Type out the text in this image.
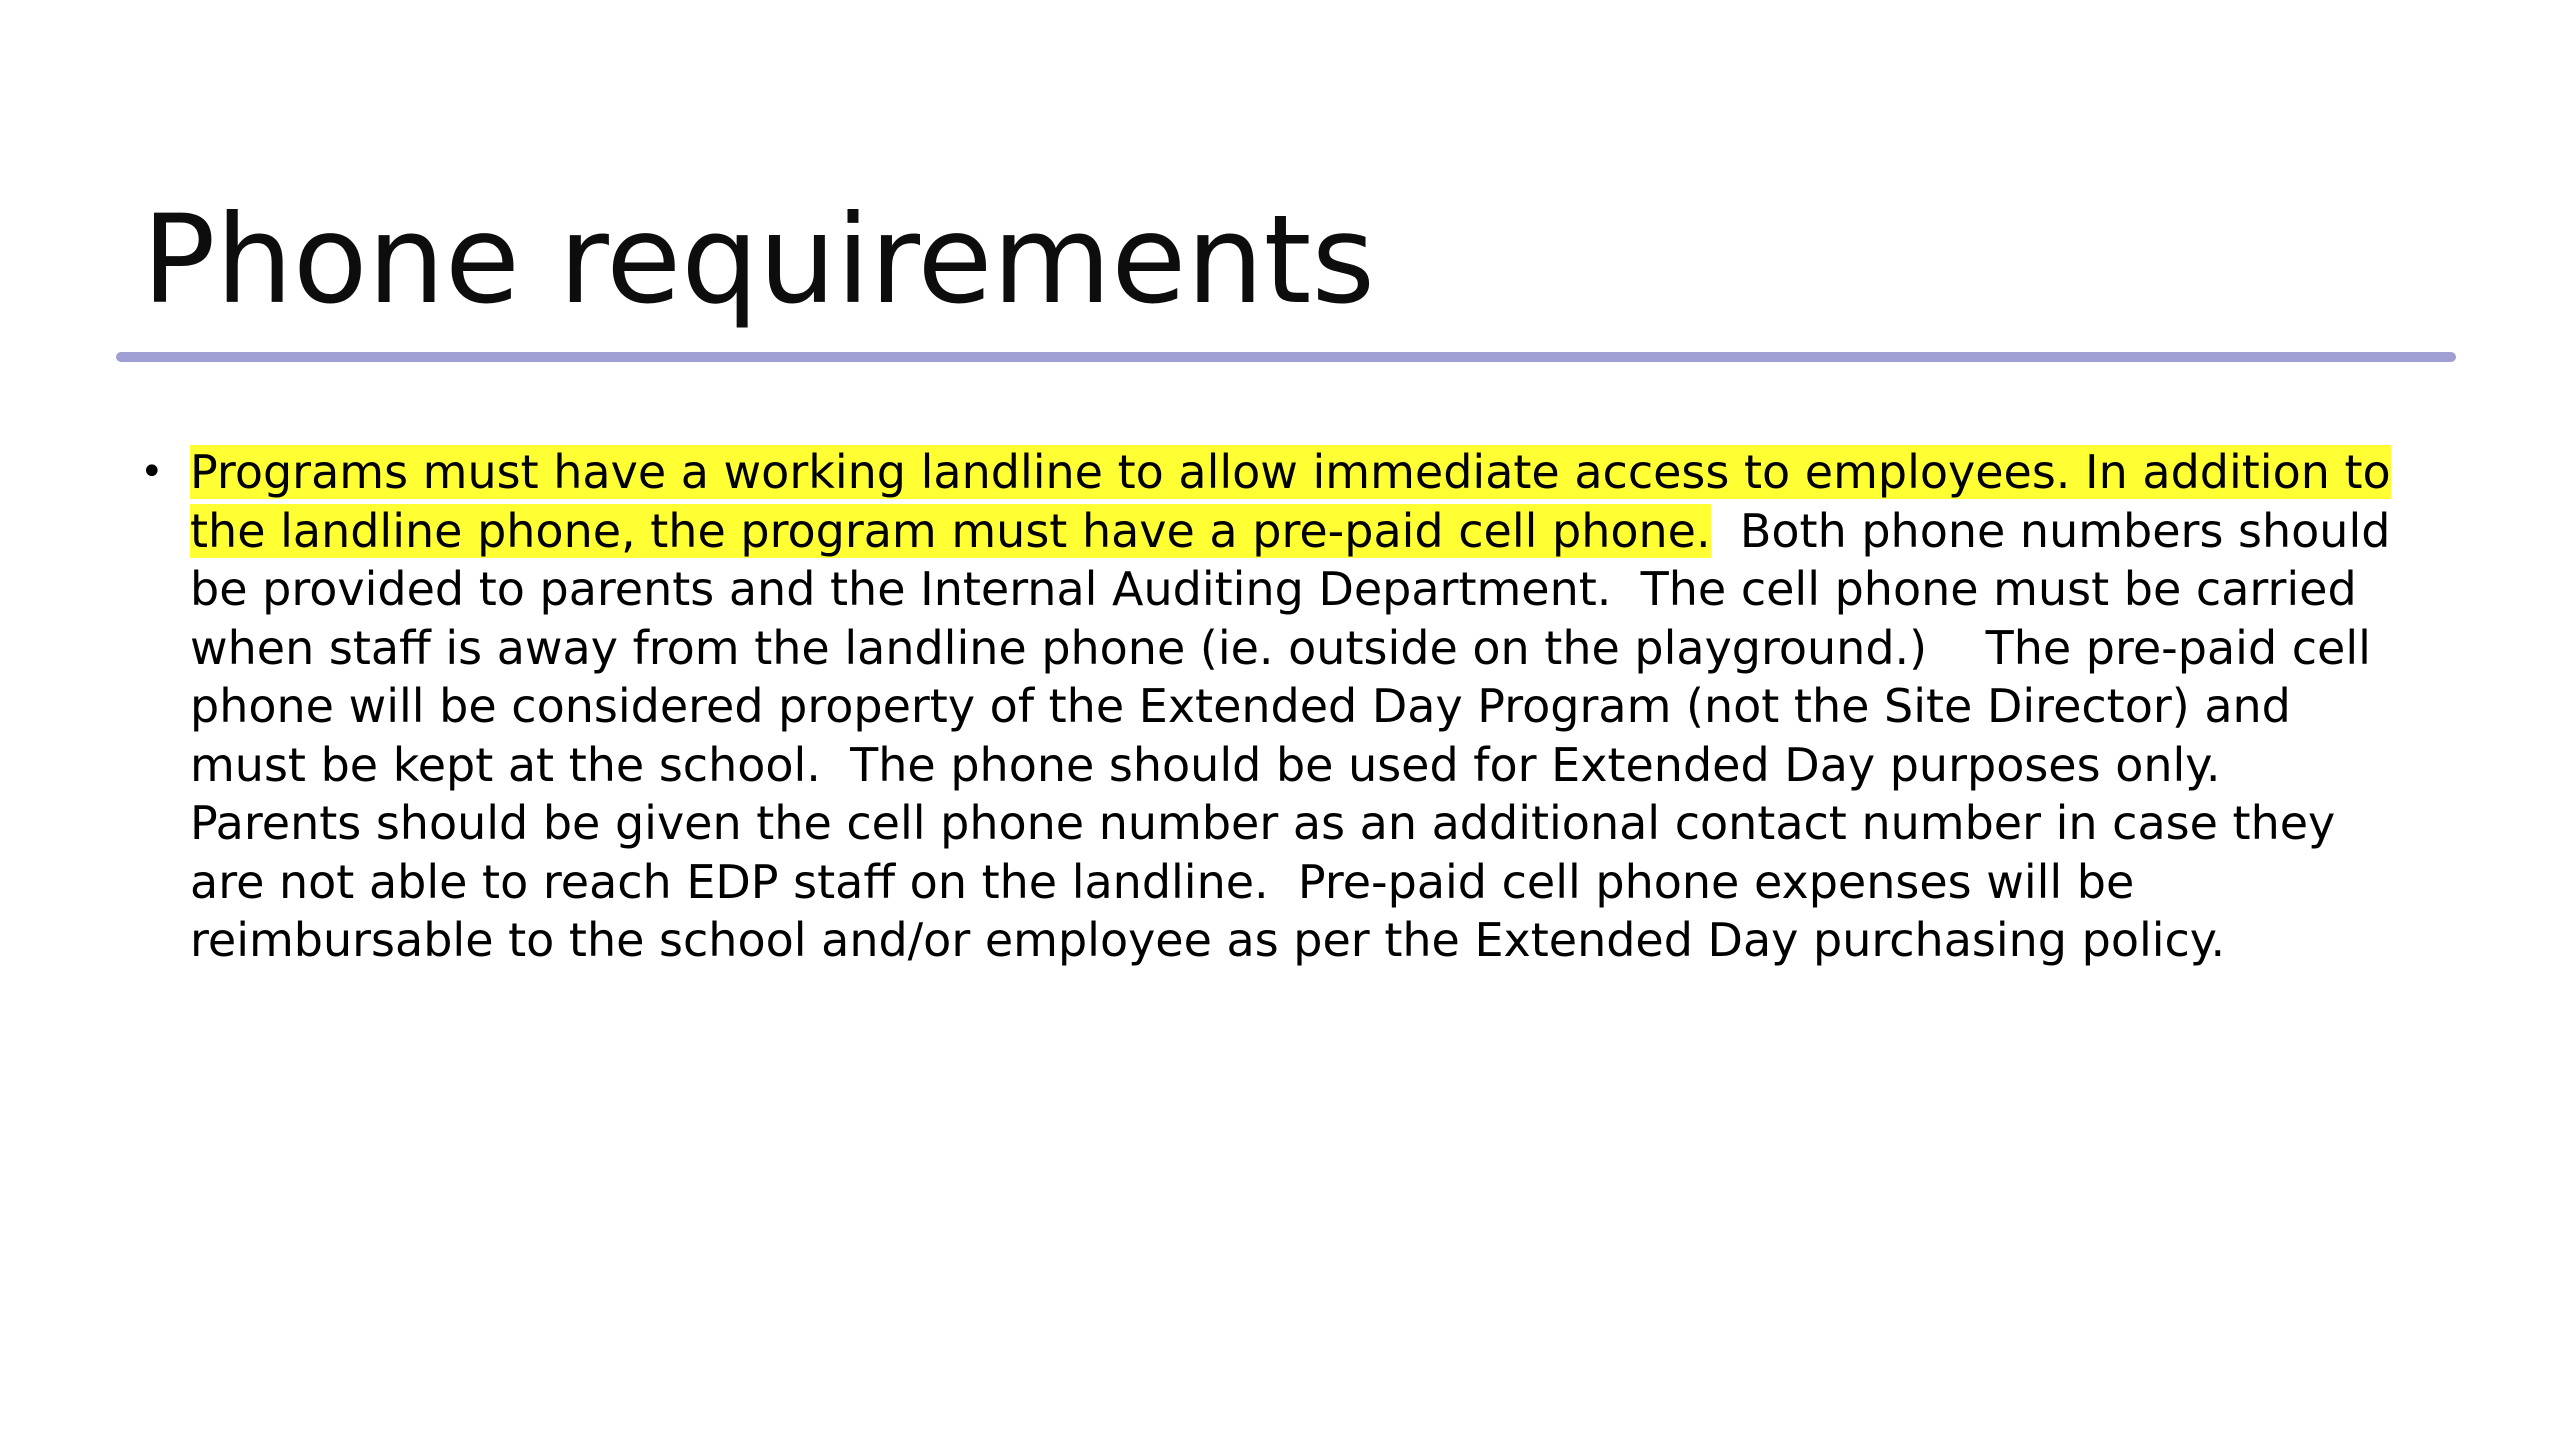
Phone requirements
• Programs must have a working landline to allow immediate access to employees. In addition to the landline phone, the program must have a pre-paid cell phone.  Both phone numbers should be provided to parents and the Internal Auditing Department.  The cell phone must be carried when staff is away from the landline phone (ie. outside on the playground.)    The pre-paid cell phone will be considered property of the Extended Day Program (not the Site Director) and must be kept at the school.  The phone should be used for Extended Day purposes only.  Parents should be given the cell phone number as an additional contact number in case they are not able to reach EDP staff on the landline.  Pre-paid cell phone expenses will be reimbursable to the school and/or employee as per the Extended Day purchasing policy.
